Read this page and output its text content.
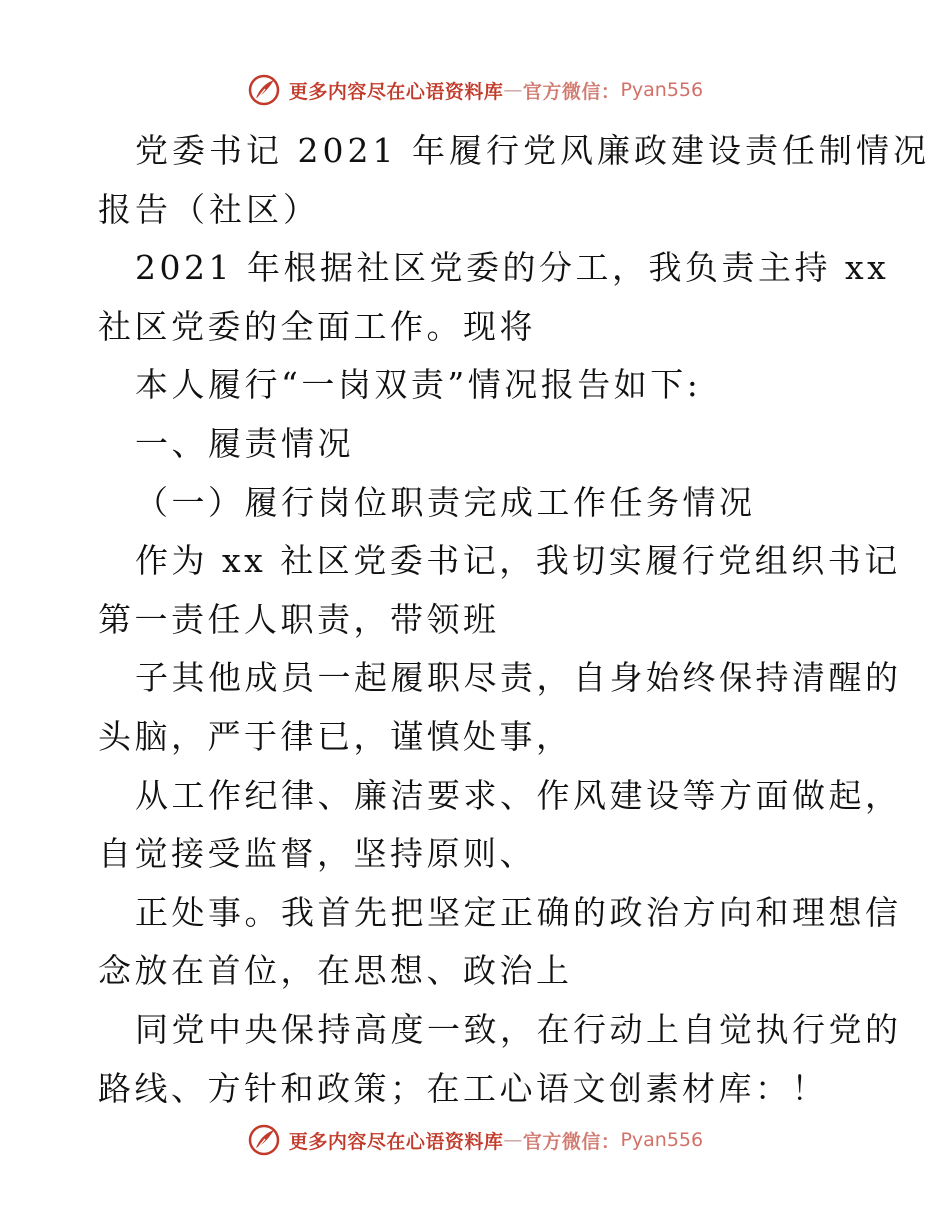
更多内容尽在心语资料库 — 官方微信： Pyan556
党委书记 2021 年履行党风廉政建设责任制情况
报告（社区）
2021 年根据社区党委的分工，我负责主持 xx
社区党委的全面工作。现将
本人履行“一岗双责”情况报告如下:
一、履责情况
（一）履行岗位职责完成工作任务情况
作为 xx 社区党委书记，我切实履行党组织书记
第一责任人职责，带领班
子其他成员一起履职尽责，自身始终保持清醒的
头脑，严于律已，谨慎处事，
从工作纪律、廉洁要求、作风建设等方面做起，
自觉接受监督，坚持原则、
正处事。我首先把坚定正确的政治方向和理想信
念放在首位，在思想、政治上
同党中央保持高度一致，在行动上自觉执行党的
路线、方针和政策；在工心语文创素材库：！
更多内容尽在心语资料库 — 官方微信： Pyan556
